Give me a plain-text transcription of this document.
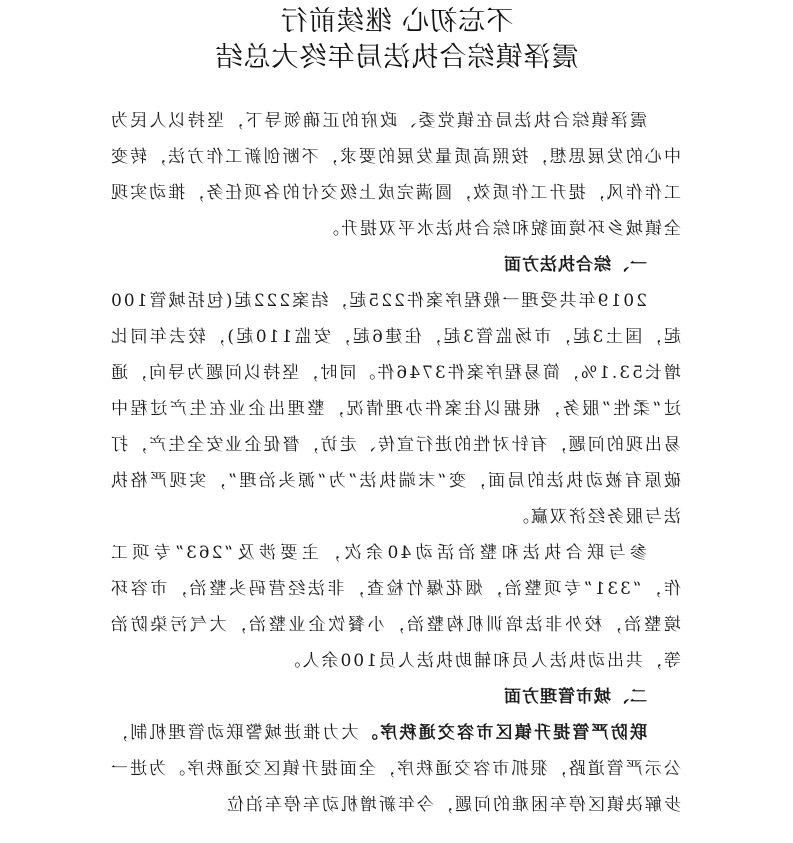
不忘初心 继续前行
震泽镇综合执法局年终大总结

震泽镇综合执法局在镇党委、政府的正确领导下，坚持以人民为中心的发展思想，按照高质量发展的要求，不断创新工作方法，转变工作作风，提升工作质效，圆满完成上级交付的各项任务，推动实现全镇城乡环境面貌和综合执法水平双提升。

一、综合执法方面

2019年共受理一般程序案件225起，结案222起(包括城管100起，国土3起，市场监管3起，住建6起，安监110起)，较去年同比增长53.1%，简易程序案件3746件。同时，坚持以问题为导向，通过“柔性”服务，根据以往案件办理情况，整理出企业在生产过程中易出现的问题，有针对性的进行宣传、走访，督促企业安全生产，打破原有被动执法的局面，变“末端执法”为“源头治理”，实现严格执法与服务经济双赢。

参与联合执法和整治活动40余次，主要涉及“263”专项工作，“331”专项整治，烟花爆竹检查，非法经营码头整治，市容环境整治，校外非法培训机构整治，小餐饮企业整治，大气污染防治等，共出动执法人员和辅助执法人员100余人。

二、城市管理方面

联防严管提升镇区市容交通秩序。大力推进城警联动管理机制，公示严管道路，狠抓市容交通秩序，全面提升镇区交通秩序。为进一步解决镇区停车困难的问题，今年新增机动车停车泊位
